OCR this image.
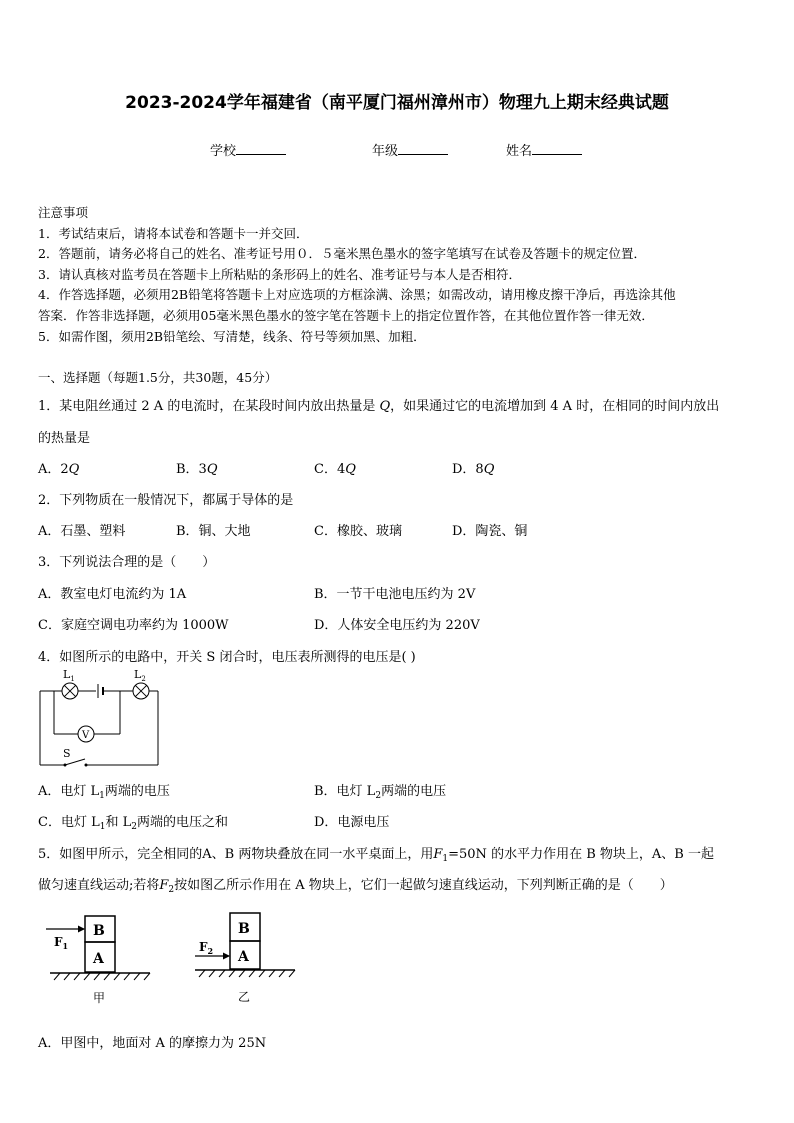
2023-2024学年福建省（南平厦门福州漳州市）物理九上期末经典试题
学校	年级	姓名
注意事项
1．考试结束后，请将本试卷和答题卡一并交回．
2．答题前，请务必将自己的姓名、准考证号用０．５毫米黑色墨水的签字笔填写在试卷及答题卡的规定位置．
3．请认真核对监考员在答题卡上所粘贴的条形码上的姓名、准考证号与本人是否相符．
4．作答选择题，必须用2B铅笔将答题卡上对应选项的方框涂满、涂黑；如需改动，请用橡皮擦干净后，再选涂其他
答案．作答非选择题，必须用05毫米黑色墨水的签字笔在答题卡上的指定位置作答，在其他位置作答一律无效．
5．如需作图，须用2B铅笔绘、写清楚，线条、符号等须加黑、加粗．
一、选择题（每题1.5分，共30题，45分）
1．某电阻丝通过 2 A 的电流时，在某段时间内放出热量是 Q，如果通过它的电流增加到 4 A 时，在相同的时间内放出
的热量是
A．2Q	B．3Q	C．4Q	D．8Q
2．下列物质在一般情况下，都属于导体的是
A．石墨、塑料	B．铜、大地	C．橡胶、玻璃	D．陶瓷、铜
3．下列说法合理的是（　　）
A．教室电灯电流约为 1A	B．一节干电池电压约为 2V
C．家庭空调电功率约为 1000W	D．人体安全电压约为 220V
4．如图所示的电路中，开关 S 闭合时，电压表所测得的电压是( )
$L_1$	$L_2$
V
S
A．电灯 $L_1$两端的电压	B．电灯 $L_2$两端的电压
C．电灯 $L_1$和 $L_2$两端的电压之和	D．电源电压
5．如图甲所示，完全相同的A、B 两物块叠放在同一水平桌面上，用$F_1=50N$ 的水平力作用在 B 物块上，A、B 一起
做匀速直线运动;若将$F_2$按如图乙所示作用在 A 物块上，它们一起做匀速直线运动，下列判断正确的是（　　）
B
A
$F_1$
甲
B
A
$F_2$
乙
A．甲图中，地面对 A 的摩擦力为 25N
